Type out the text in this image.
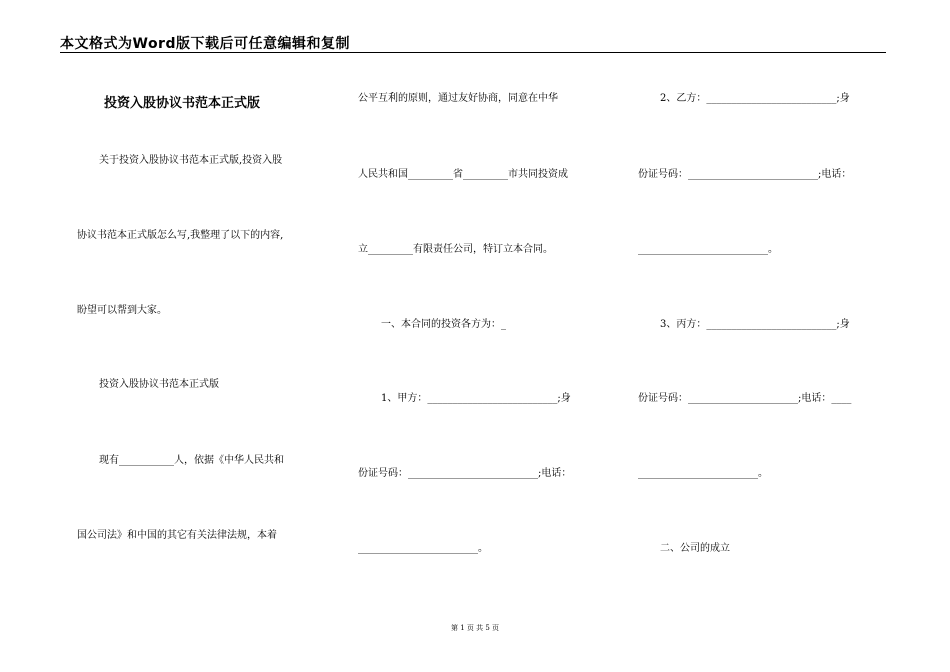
本文格式为Word版下载后可任意编辑和复制
投资入股协议书范本正式版
关于投资入股协议书范本正式版,投资入股
协议书范本正式版怎么写,我整理了以下的内容,
盼望可以帮到大家。
投资入股协议书范本正式版
现有___________人，依据《中华人民共和
国公司法》和中国的其它有关法律法规，本着
公平互利的原则，通过友好协商，同意在中华
人民共和国_________省_________市共同投资成
立_________有限责任公司，特订立本合同。
一、本合同的投资各方为：_
1、甲方：__________________________;身
份证号码：__________________________;电话：
________________________。
2、乙方：__________________________;身
份证号码：__________________________;电话：
__________________________。
3、丙方：__________________________;身
份证号码：______________________;电话：____
________________________。
二、公司的成立
第 1 页 共 5 页
